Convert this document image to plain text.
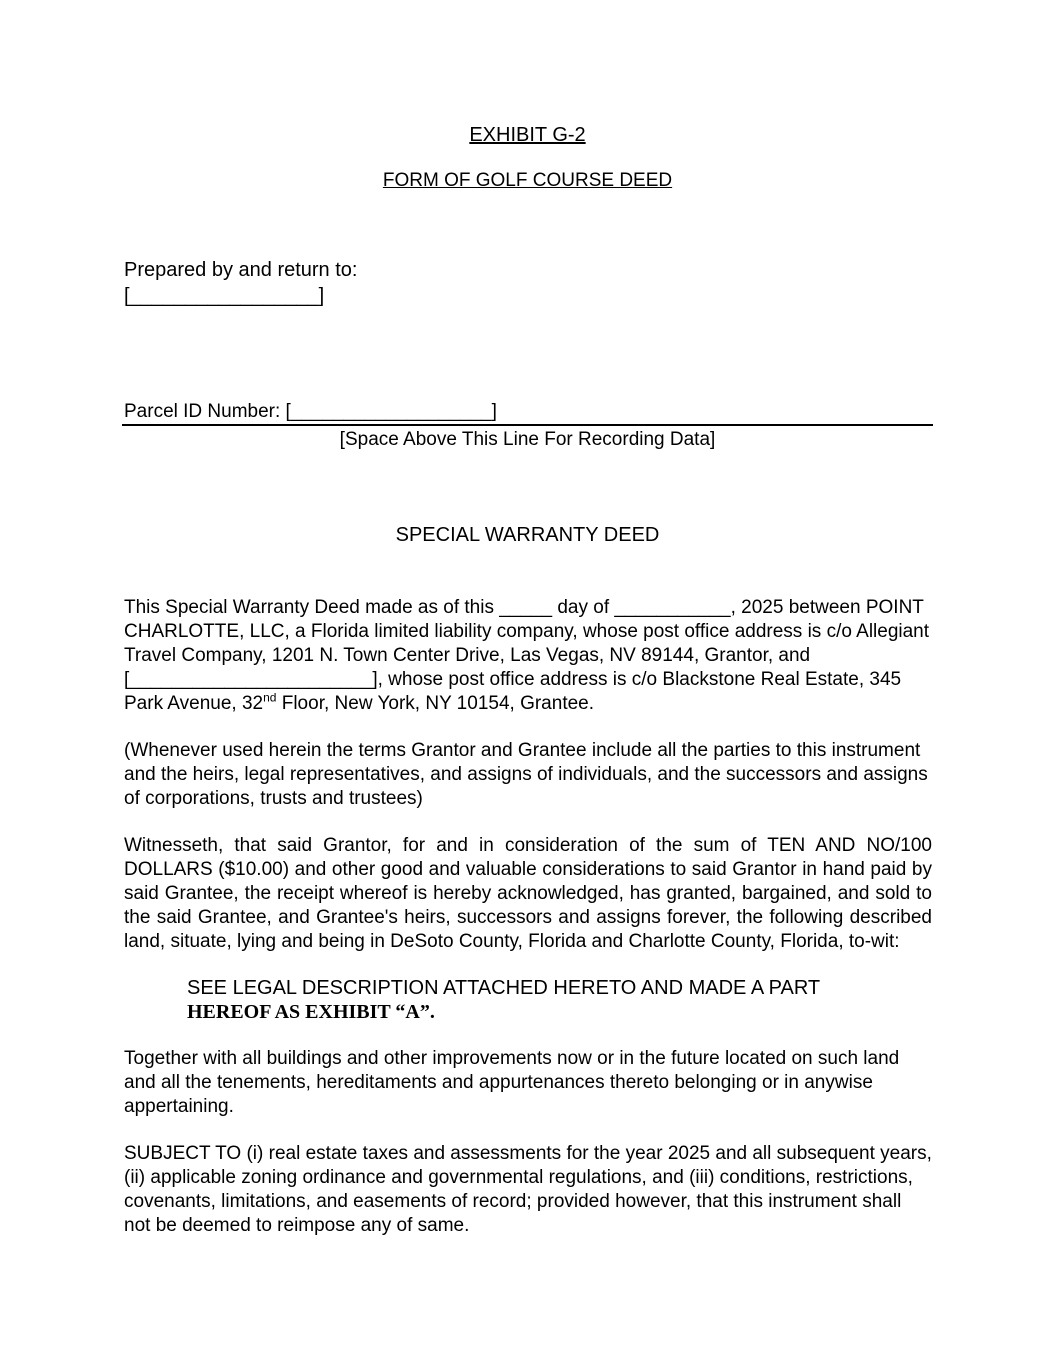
EXHIBIT G-2
FORM OF GOLF COURSE DEED
Prepared by and return to:
[_________________]
Parcel ID Number: [___________________]
[Space Above This Line For Recording Data]
SPECIAL WARRANTY DEED
This Special Warranty Deed made as of this _____ day of ___________, 2025 between POINT CHARLOTTE, LLC, a Florida limited liability company, whose post office address is c/o Allegiant Travel Company, 1201 N. Town Center Drive, Las Vegas, NV 89144, Grantor, and [_______________________], whose post office address is c/o Blackstone Real Estate, 345 Park Avenue, 32nd Floor, New York, NY 10154, Grantee.
(Whenever used herein the terms Grantor and Grantee include all the parties to this instrument and the heirs, legal representatives, and assigns of individuals, and the successors and assigns of corporations, trusts and trustees)
Witnesseth, that said Grantor, for and in consideration of the sum of TEN AND NO/100 DOLLARS ($10.00) and other good and valuable considerations to said Grantor in hand paid by said Grantee, the receipt whereof is hereby acknowledged, has granted, bargained, and sold to the said Grantee, and Grantee's heirs, successors and assigns forever, the following described land, situate, lying and being in DeSoto County, Florida and Charlotte County, Florida, to-wit:
SEE LEGAL DESCRIPTION ATTACHED HERETO AND MADE A PART
HEREOF AS EXHIBIT “A”.
Together with all buildings and other improvements now or in the future located on such land and all the tenements, hereditaments and appurtenances thereto belonging or in anywise appertaining.
SUBJECT TO (i) real estate taxes and assessments for the year 2025 and all subsequent years, (ii) applicable zoning ordinance and governmental regulations, and (iii) conditions, restrictions, covenants, limitations, and easements of record; provided however, that this instrument shall not be deemed to reimpose any of same.
